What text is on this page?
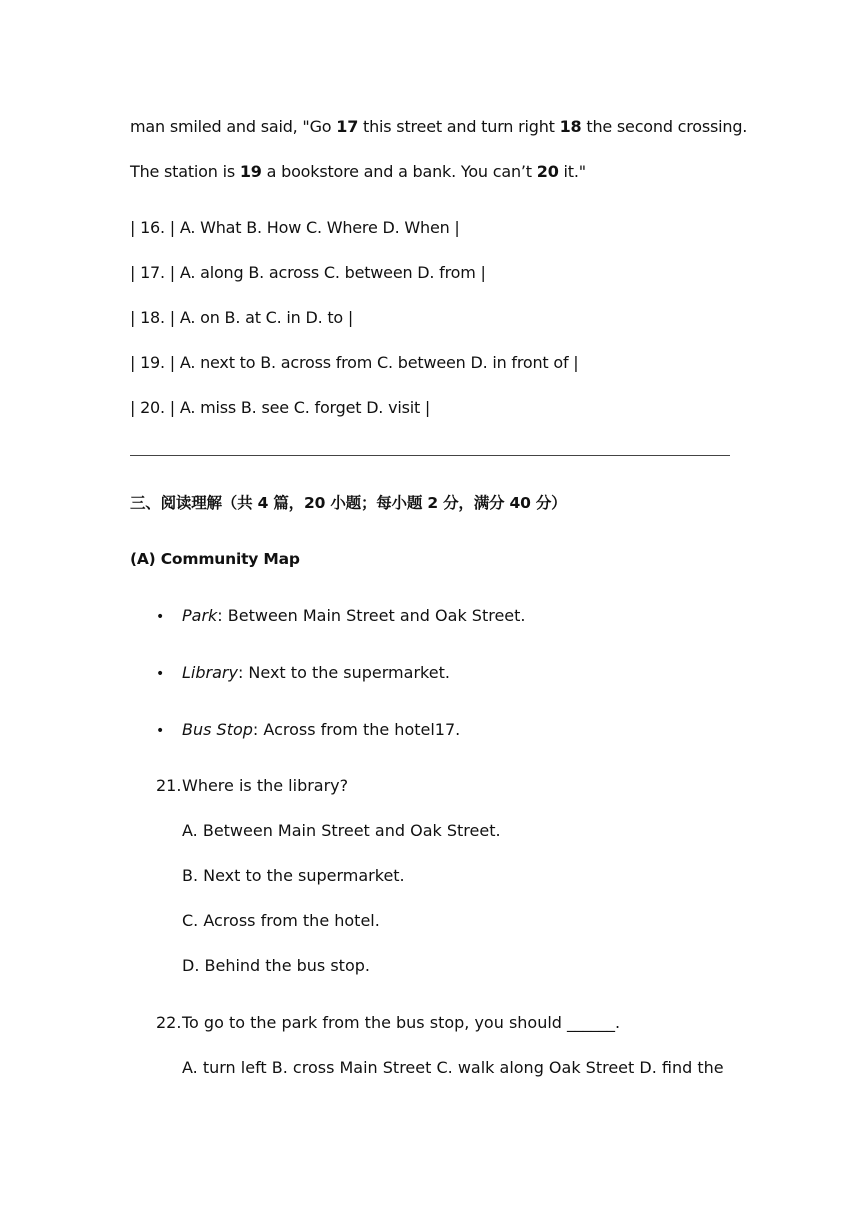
man smiled and said, "Go 17 this street and turn right 18 the second crossing.
The station is 19 a bookstore and a bank. You can’t 20 it."
| 16. | A. What B. How C. Where D. When |
| 17. | A. along B. across C. between D. from |
| 18. | A. on B. at C. in D. to |
| 19. | A. next to B. across from C. between D. in front of |
| 20. | A. miss B. see C. forget D. visit |
三、阅读理解（共 4 篇，20 小题；每小题 2 分，满分 40 分）
(A) Community Map
• Park: Between Main Street and Oak Street.
• Library: Next to the supermarket.
• Bus Stop: Across from the hotel17.
21.Where is the library?
A. Between Main Street and Oak Street.
B. Next to the supermarket.
C. Across from the hotel.
D. Behind the bus stop.
22.To go to the park from the bus stop, you should ______.
A. turn left B. cross Main Street C. walk along Oak Street D. find the
